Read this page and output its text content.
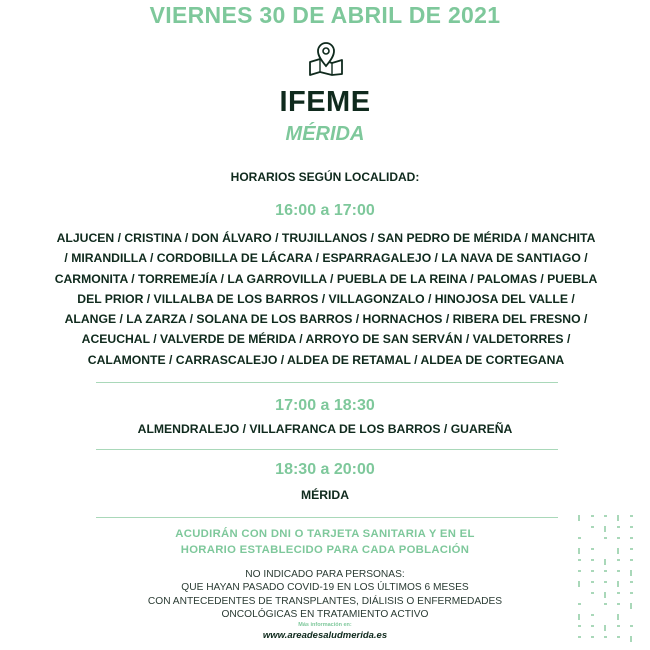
VIERNES 30 DE ABRIL DE 2021
IFEME
MÉRIDA
HORARIOS SEGÚN LOCALIDAD:
16:00 a 17:00
ALJUCEN / CRISTINA / DON ÁLVARO / TRUJILLANOS / SAN PEDRO DE MÉRIDA / MANCHITA
/ MIRANDILLA / CORDOBILLA DE LÁCARA / ESPARRAGALEJO / LA NAVA DE SANTIAGO /
CARMONITA / TORREMEJÍA / LA GARROVILLA / PUEBLA DE LA REINA / PALOMAS / PUEBLA
DEL PRIOR / VILLALBA DE LOS BARROS / VILLAGONZALO / HINOJOSA DEL VALLE /
ALANGE / LA ZARZA / SOLANA DE LOS BARROS / HORNACHOS / RIBERA DEL FRESNO /
ACEUCHAL / VALVERDE DE MÉRIDA / ARROYO DE SAN SERVÁN / VALDETORRES /
CALAMONTE / CARRASCALEJO / ALDEA DE RETAMAL / ALDEA DE CORTEGANA
17:00 a 18:30
ALMENDRALEJO / VILLAFRANCA DE LOS BARROS / GUAREÑA
18:30 a 20:00
MÉRIDA
ACUDIRÁN CON DNI O TARJETA SANITARIA Y EN EL
HORARIO ESTABLECIDO PARA CADA POBLACIÓN
NO INDICADO PARA PERSONAS:
QUE HAYAN PASADO COVID-19 EN LOS ÚLTIMOS 6 MESES
CON ANTECEDENTES DE TRANSPLANTES, DIÁLISIS O ENFERMEDADES
ONCOLÓGICAS EN TRATAMIENTO ACTIVO
Más información en:
www.areadesaludmerida.es
